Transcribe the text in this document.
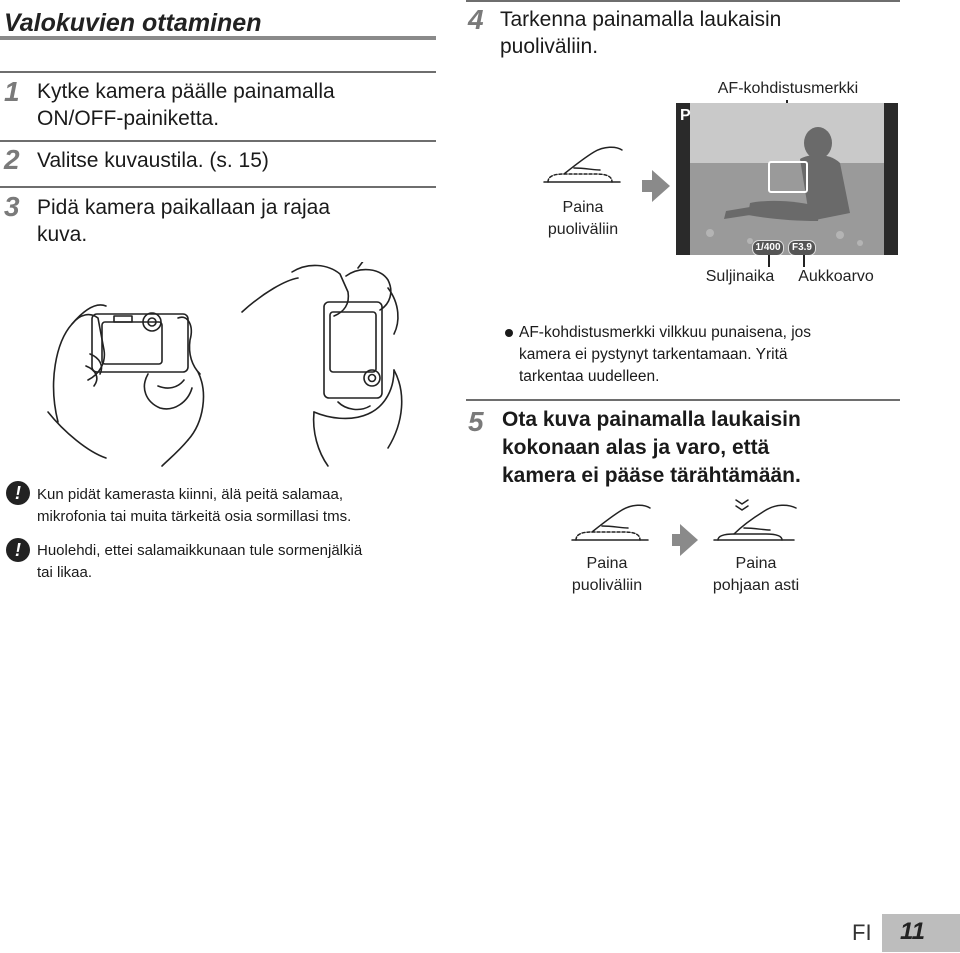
Valokuvien ottaminen
1 Kytke kamera päälle painamalla
ON/OFF-painiketta.
2 Valitse kuvaustila. (s. 15)
3 Pidä kamera paikallaan ja rajaa
kuva.
!	Kun pidät kamerasta kiinni, älä peitä salamaa,
mikrofonia tai muita tärkeitä osia sormillasi tms.
!	Huolehdi, ettei salamaikkunaan tule sormenjälkiä
tai likaa.
4 Tarkenna painamalla laukaisin
puoliväliin.
Paina
puoliväliin
AF-kohdistusmerkki
P
1/400	F3.9
Suljinaika	Aukkoarvo
AF-kohdistusmerkki vilkkuu punaisena, jos
kamera ei pystynyt tarkentamaan. Yritä
tarkentaa uudelleen.
5 Ota kuva painamalla laukaisin
kokonaan alas ja varo, että
kamera ei pääse tärähtämään.
Paina
puoliväliin
Paina
pohjaan asti
FI 11
